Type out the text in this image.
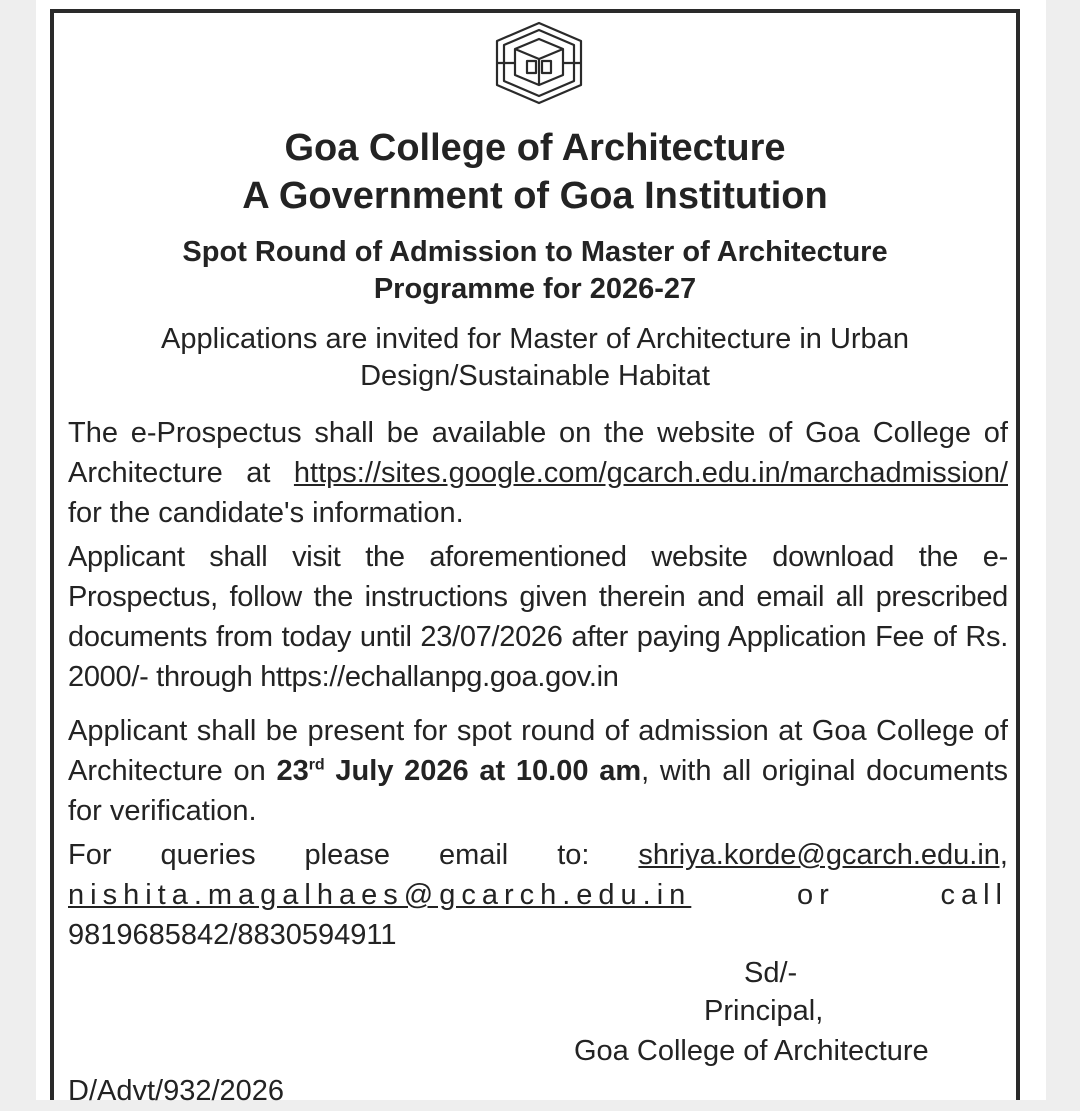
Goa College of Architecture

A Government of Goa Institution

Spot Round of Admission to Master of Architecture

Programme for 2026-27

Applications are invited for Master of Architecture in Urban

Design/Sustainable Habitat

The e-Prospectus shall be available on the website of Goa College of Architecture at https://sites.google.com/gcarch.edu.in/marchadmission/ for the candidate's information.

Applicant shall visit the aforementioned website download the e-Prospectus, follow the instructions given therein and email all prescribed documents from today until 23/07/2026 after paying Application Fee of Rs. 2000/- through https://echallanpg.goa.gov.in

Applicant shall be present for spot round of admission at Goa College of Architecture on 23rd July 2026 at 10.00 am, with all original documents for verification.

For queries please email to: shriya.korde@gcarch.edu.in, nishita.magalhaes@gcarch.edu.in or call 9819685842/8830594911

Sd/-

Principal,

Goa College of Architecture

D/Advt/932/2026
